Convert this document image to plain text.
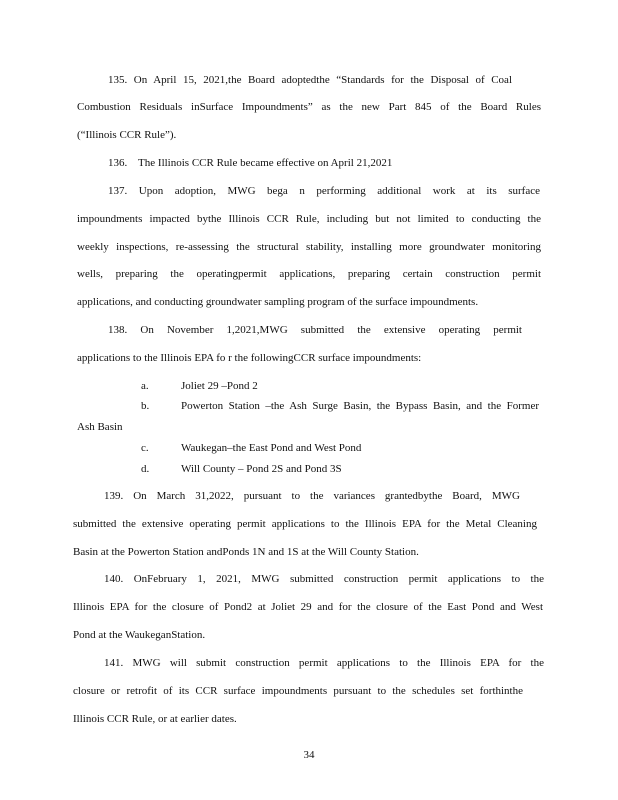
135. On April 15, 2021,the Board adoptedthe “Standards for the Disposal of Coal
Combustion Residuals inSurface Impoundments” as the new Part 845 of the Board Rules
(“Illinois CCR Rule”).
136.    The Illinois CCR Rule became effective on April 21,2021
137. Upon adoption, MWG bega n performing additional work at its surface
impoundments impacted bythe Illinois CCR Rule, including but not limited to conducting the
weekly inspections, re-assessing the structural stability, installing more groundwater monitoring
wells, preparing the operatingpermit applications, preparing certain construction permit
applications, and conducting groundwater sampling program of the surface impoundments.
138. On November 1,2021,MWG submitted the extensive operating permit
applications to the Illinois EPA fo r the followingCCR surface impoundments:
a.	Joliet 29 –Pond 2
b.	Powerton Station –the Ash Surge Basin, the Bypass Basin, and the Former
Ash Basin
c.	Waukegan–the East Pond and West Pond
d.	Will County – Pond 2S and Pond 3S
139. On March 31,2022, pursuant to the variances grantedbythe Board, MWG
submitted the extensive operating permit applications to the Illinois EPA for the Metal Cleaning
Basin at the Powerton Station andPonds 1N and 1S at the Will County Station.
140. OnFebruary 1, 2021, MWG submitted construction permit applications to the
Illinois EPA for the closure of Pond2 at Joliet 29 and for the closure of the East Pond and West
Pond at the WaukeganStation.
141. MWG will submit construction permit applications to the Illinois EPA for the
closure or retrofit of its CCR surface impoundments pursuant to the schedules set forthinthe
Illinois CCR Rule, or at earlier dates.
34
